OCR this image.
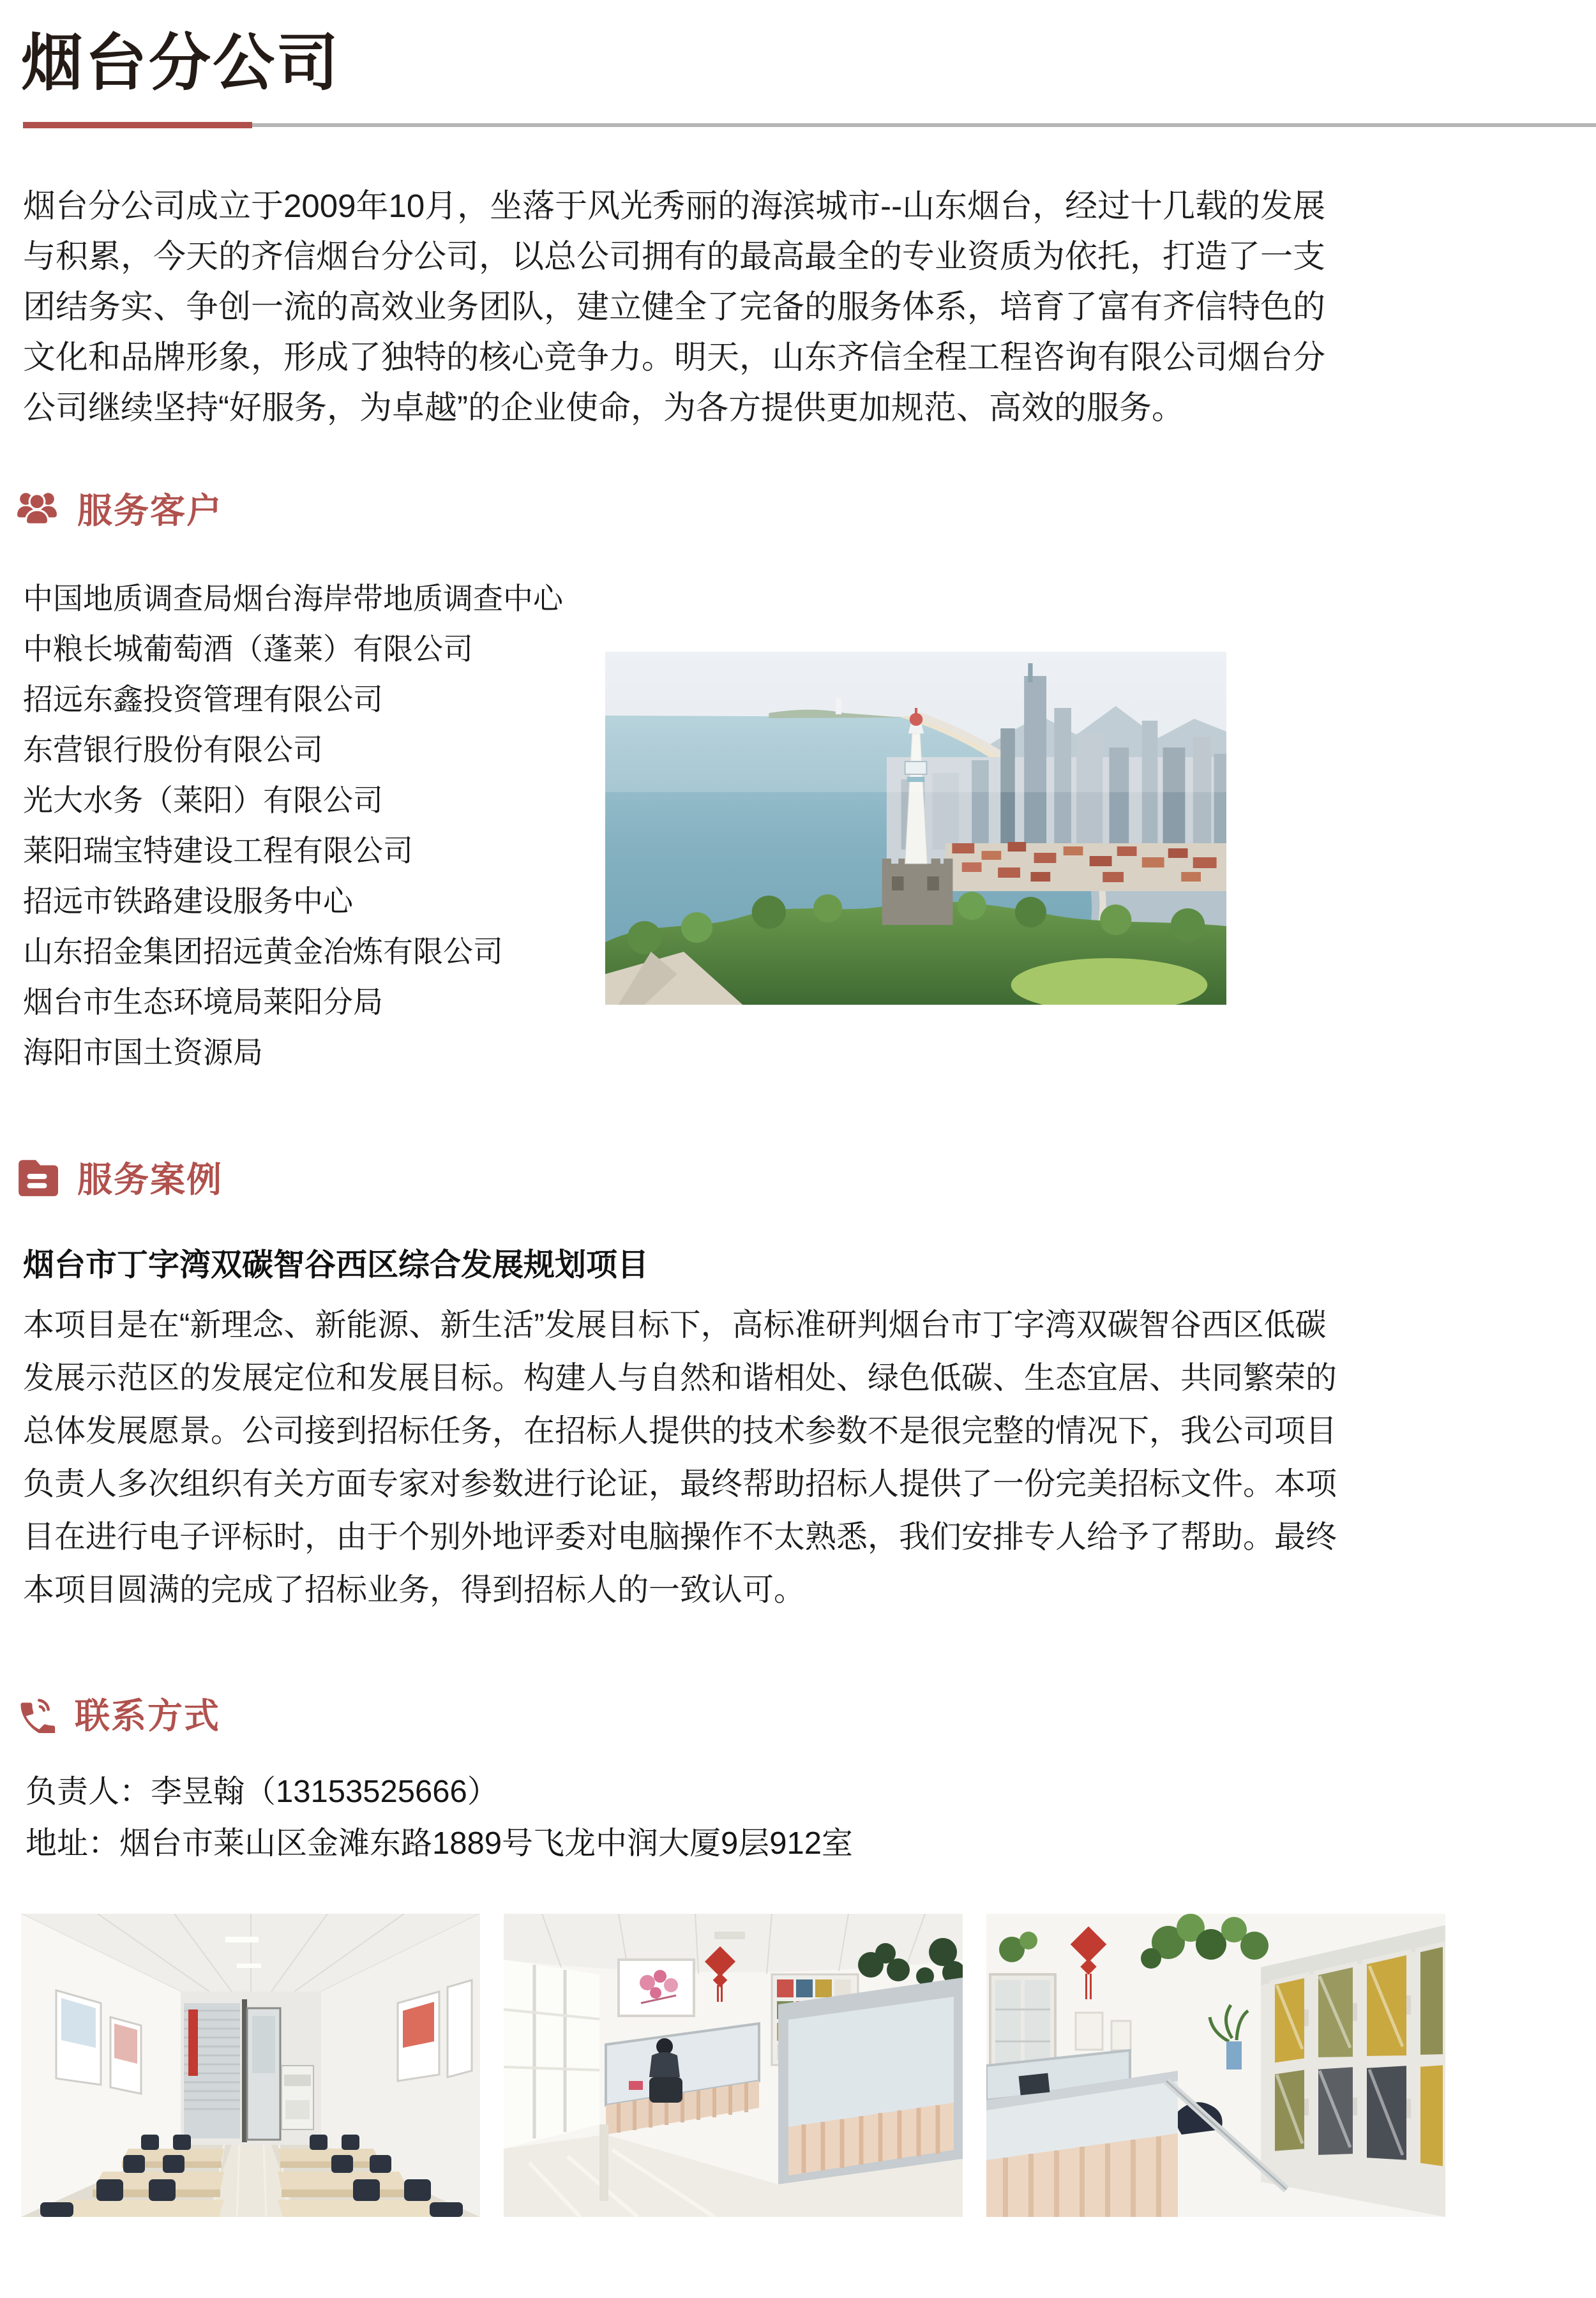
烟台分公司

烟台分公司成立于2009年10月，坐落于风光秀丽的海滨城市--山东烟台，经过十几载的发展与积累，今天的齐信烟台分公司，以总公司拥有的最高最全的专业资质为依托，打造了一支团结务实、争创一流的高效业务团队，建立健全了完备的服务体系，培育了富有齐信特色的文化和品牌形象，形成了独特的核心竞争力。明天，山东齐信全程工程咨询有限公司烟台分公司继续坚持“好服务，为卓越”的企业使命，为各方提供更加规范、高效的服务。

服务客户
中国地质调查局烟台海岸带地质调查中心
中粮长城葡萄酒（蓬莱）有限公司
招远东鑫投资管理有限公司
东营银行股份有限公司
光大水务（莱阳）有限公司
莱阳瑞宝特建设工程有限公司
招远市铁路建设服务中心
山东招金集团招远黄金冶炼有限公司
烟台市生态环境局莱阳分局
海阳市国土资源局
服务案例
烟台市丁字湾双碳智谷西区综合发展规划项目

本项目是在“新理念、新能源、新生活”发展目标下，高标准研判烟台市丁字湾双碳智谷西区低碳发展示范区的发展定位和发展目标。构建人与自然和谐相处、绿色低碳、生态宜居、共同繁荣的总体发展愿景。公司接到招标任务，在招标人提供的技术参数不是很完整的情况下，我公司项目负责人多次组织有关方面专家对参数进行论证，最终帮助招标人提供了一份完美招标文件。本项目在进行电子评标时，由于个别外地评委对电脑操作不太熟悉，我们安排专人给予了帮助。最终本项目圆满的完成了招标业务，得到招标人的一致认可。

联系方式
负责人：李昱翰（13153525666）
地址：烟台市莱山区金滩东路1889号飞龙中润大厦9层912室
